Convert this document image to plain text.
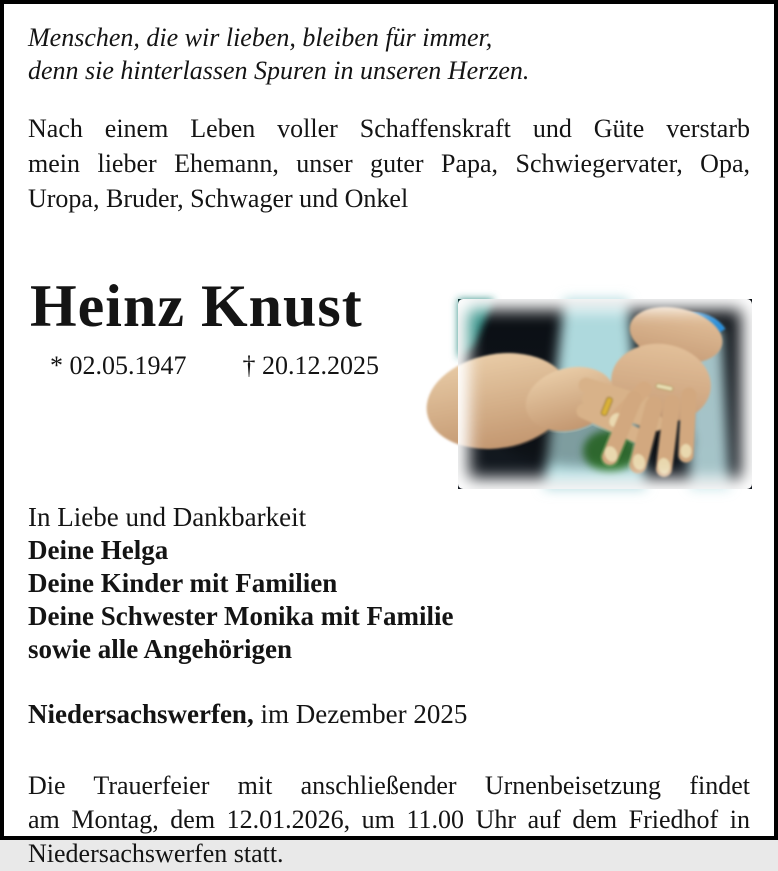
Menschen, die wir lieben, bleiben für immer,
denn sie hinterlassen Spuren in unseren Herzen.
Nach einem Leben voller Schaffenskraft und Güte verstarb
mein lieber Ehemann, unser guter Papa, Schwiegervater, Opa,
Uropa, Bruder, Schwager und Onkel
Heinz Knust
* 02.05.1947 † 20.12.2025
In Liebe und Dankbarkeit
Deine Helga
Deine Kinder mit Familien
Deine Schwester Monika mit Familie
sowie alle Angehörigen
Niedersachswerfen, im Dezember 2025
Die Trauerfeier mit anschließender Urnenbeisetzung findet
am Montag, dem 12.01.2026, um 11.00 Uhr auf dem Friedhof in
Niedersachswerfen statt.
